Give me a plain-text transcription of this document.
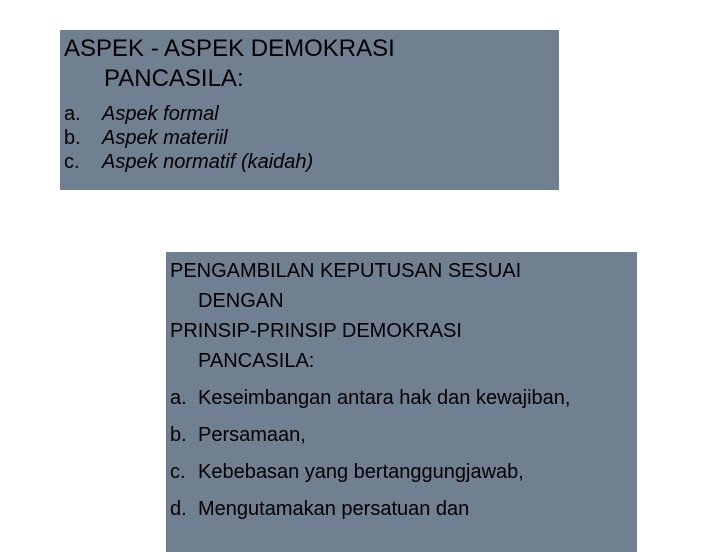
ASPEK - ASPEK DEMOKRASI
PANCASILA:

a.	Aspek formal
b.	Aspek materiil
c.	Aspek normatif (kaidah)

PENGAMBILAN KEPUTUSAN SESUAI
DENGAN
PRINSIP-PRINSIP DEMOKRASI
PANCASILA:

a. Keseimbangan antara hak dan kewajiban,
b. Persamaan,
c. Kebebasan yang bertanggungjawab,
d. Mengutamakan persatuan dan
